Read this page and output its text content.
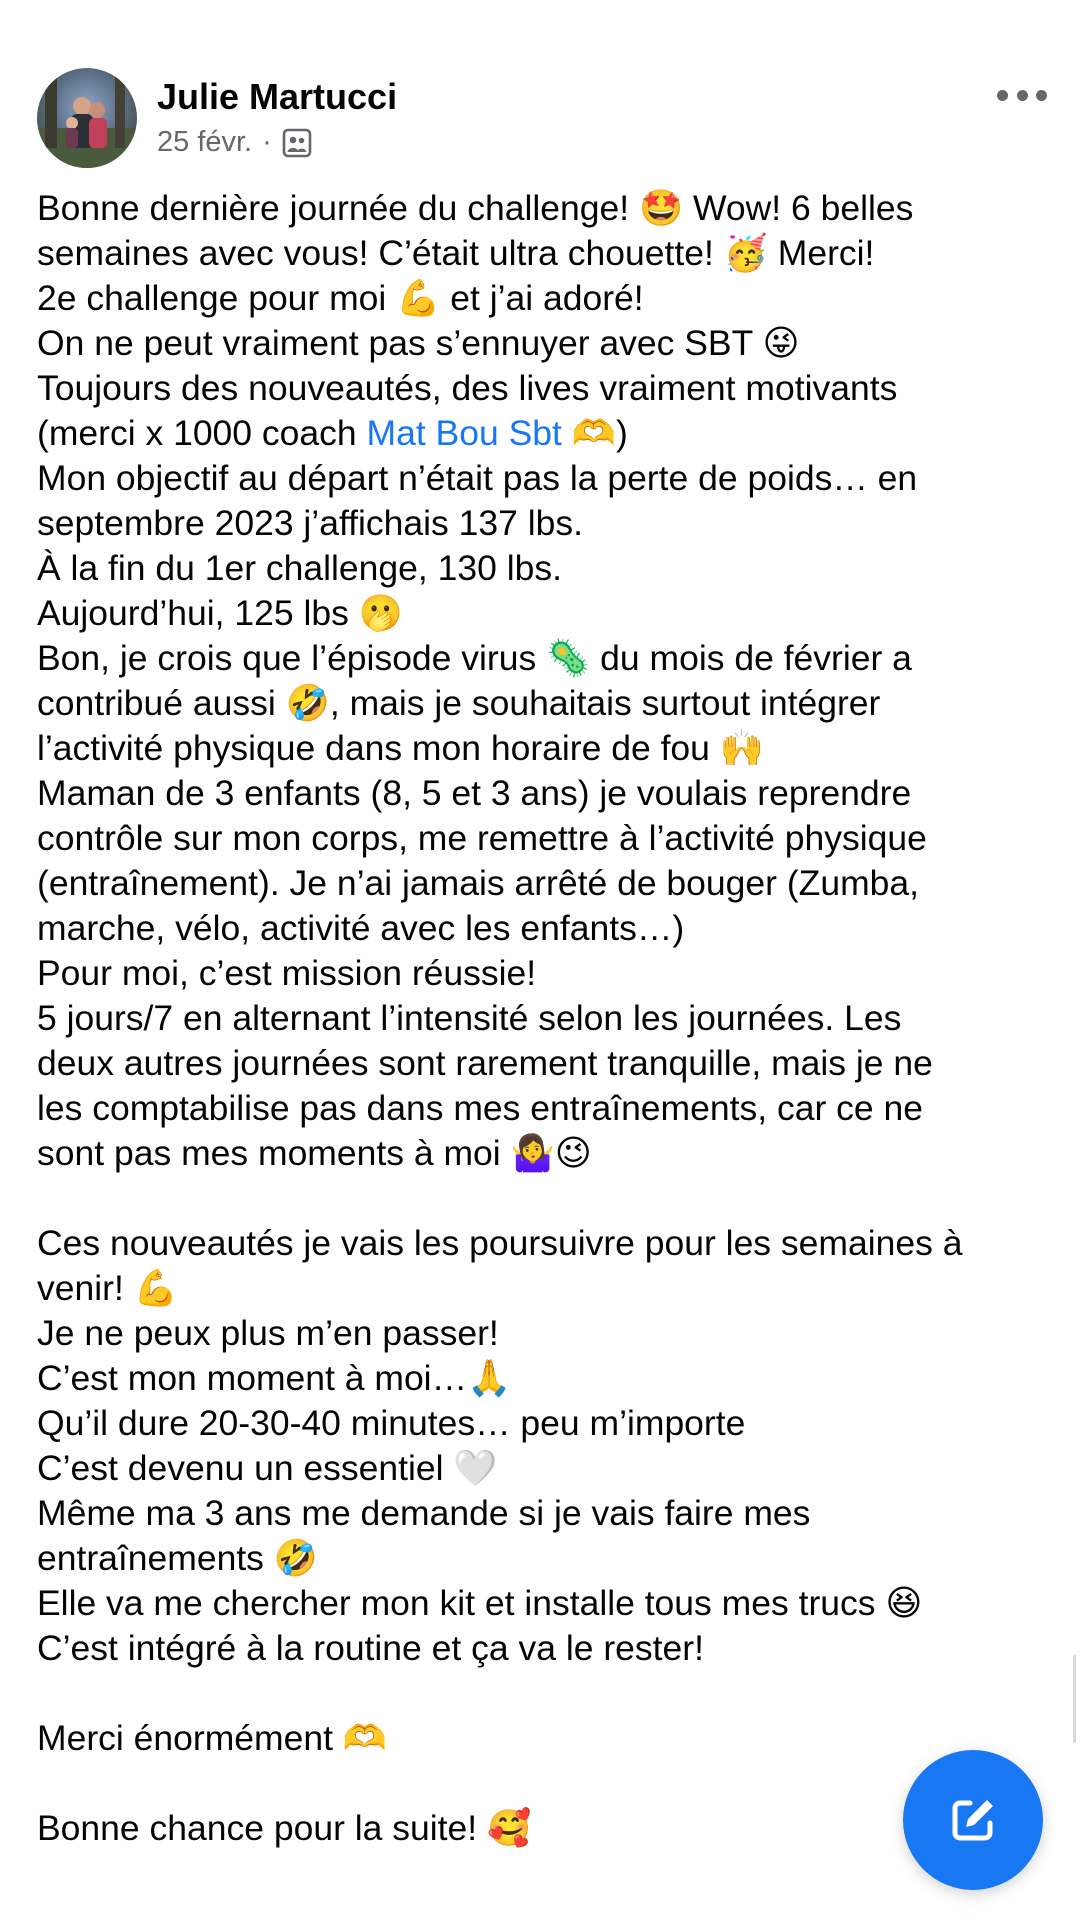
Julie Martucci
25 févr. ·
Bonne dernière journée du challenge! 🤩 Wow! 6 belles
semaines avec vous! C’était ultra chouette! 🥳 Merci!
2e challenge pour moi 💪 et j’ai adoré!
On ne peut vraiment pas s’ennuyer avec SBT 😜
Toujours des nouveautés, des lives vraiment motivants
(merci x 1000 coach Mat Bou Sbt 🫶)
Mon objectif au départ n’était pas la perte de poids… en
septembre 2023 j’affichais 137 lbs.
À la fin du 1er challenge, 130 lbs.
Aujourd’hui, 125 lbs 🫢
Bon, je crois que l’épisode virus 🦠 du mois de février a
contribué aussi 🤣, mais je souhaitais surtout intégrer
l’activité physique dans mon horaire de fou 🙌
Maman de 3 enfants (8, 5 et 3 ans) je voulais reprendre
contrôle sur mon corps, me remettre à l’activité physique
(entraînement). Je n’ai jamais arrêté de bouger (Zumba,
marche, vélo, activité avec les enfants…)
Pour moi, c’est mission réussie!
5 jours/7 en alternant l’intensité selon les journées. Les
deux autres journées sont rarement tranquille, mais je ne
les comptabilise pas dans mes entraînements, car ce ne
sont pas mes moments à moi 🤷‍♀️😉
Ces nouveautés je vais les poursuivre pour les semaines à
venir! 💪
Je ne peux plus m’en passer!
C’est mon moment à moi…🙏
Qu’il dure 20-30-40 minutes… peu m’importe
C’est devenu un essentiel 🤍
Même ma 3 ans me demande si je vais faire mes
entraînements 🤣
Elle va me chercher mon kit et installe tous mes trucs 😆
C’est intégré à la routine et ça va le rester!
Merci énormément 🫶
Bonne chance pour la suite! 🥰
